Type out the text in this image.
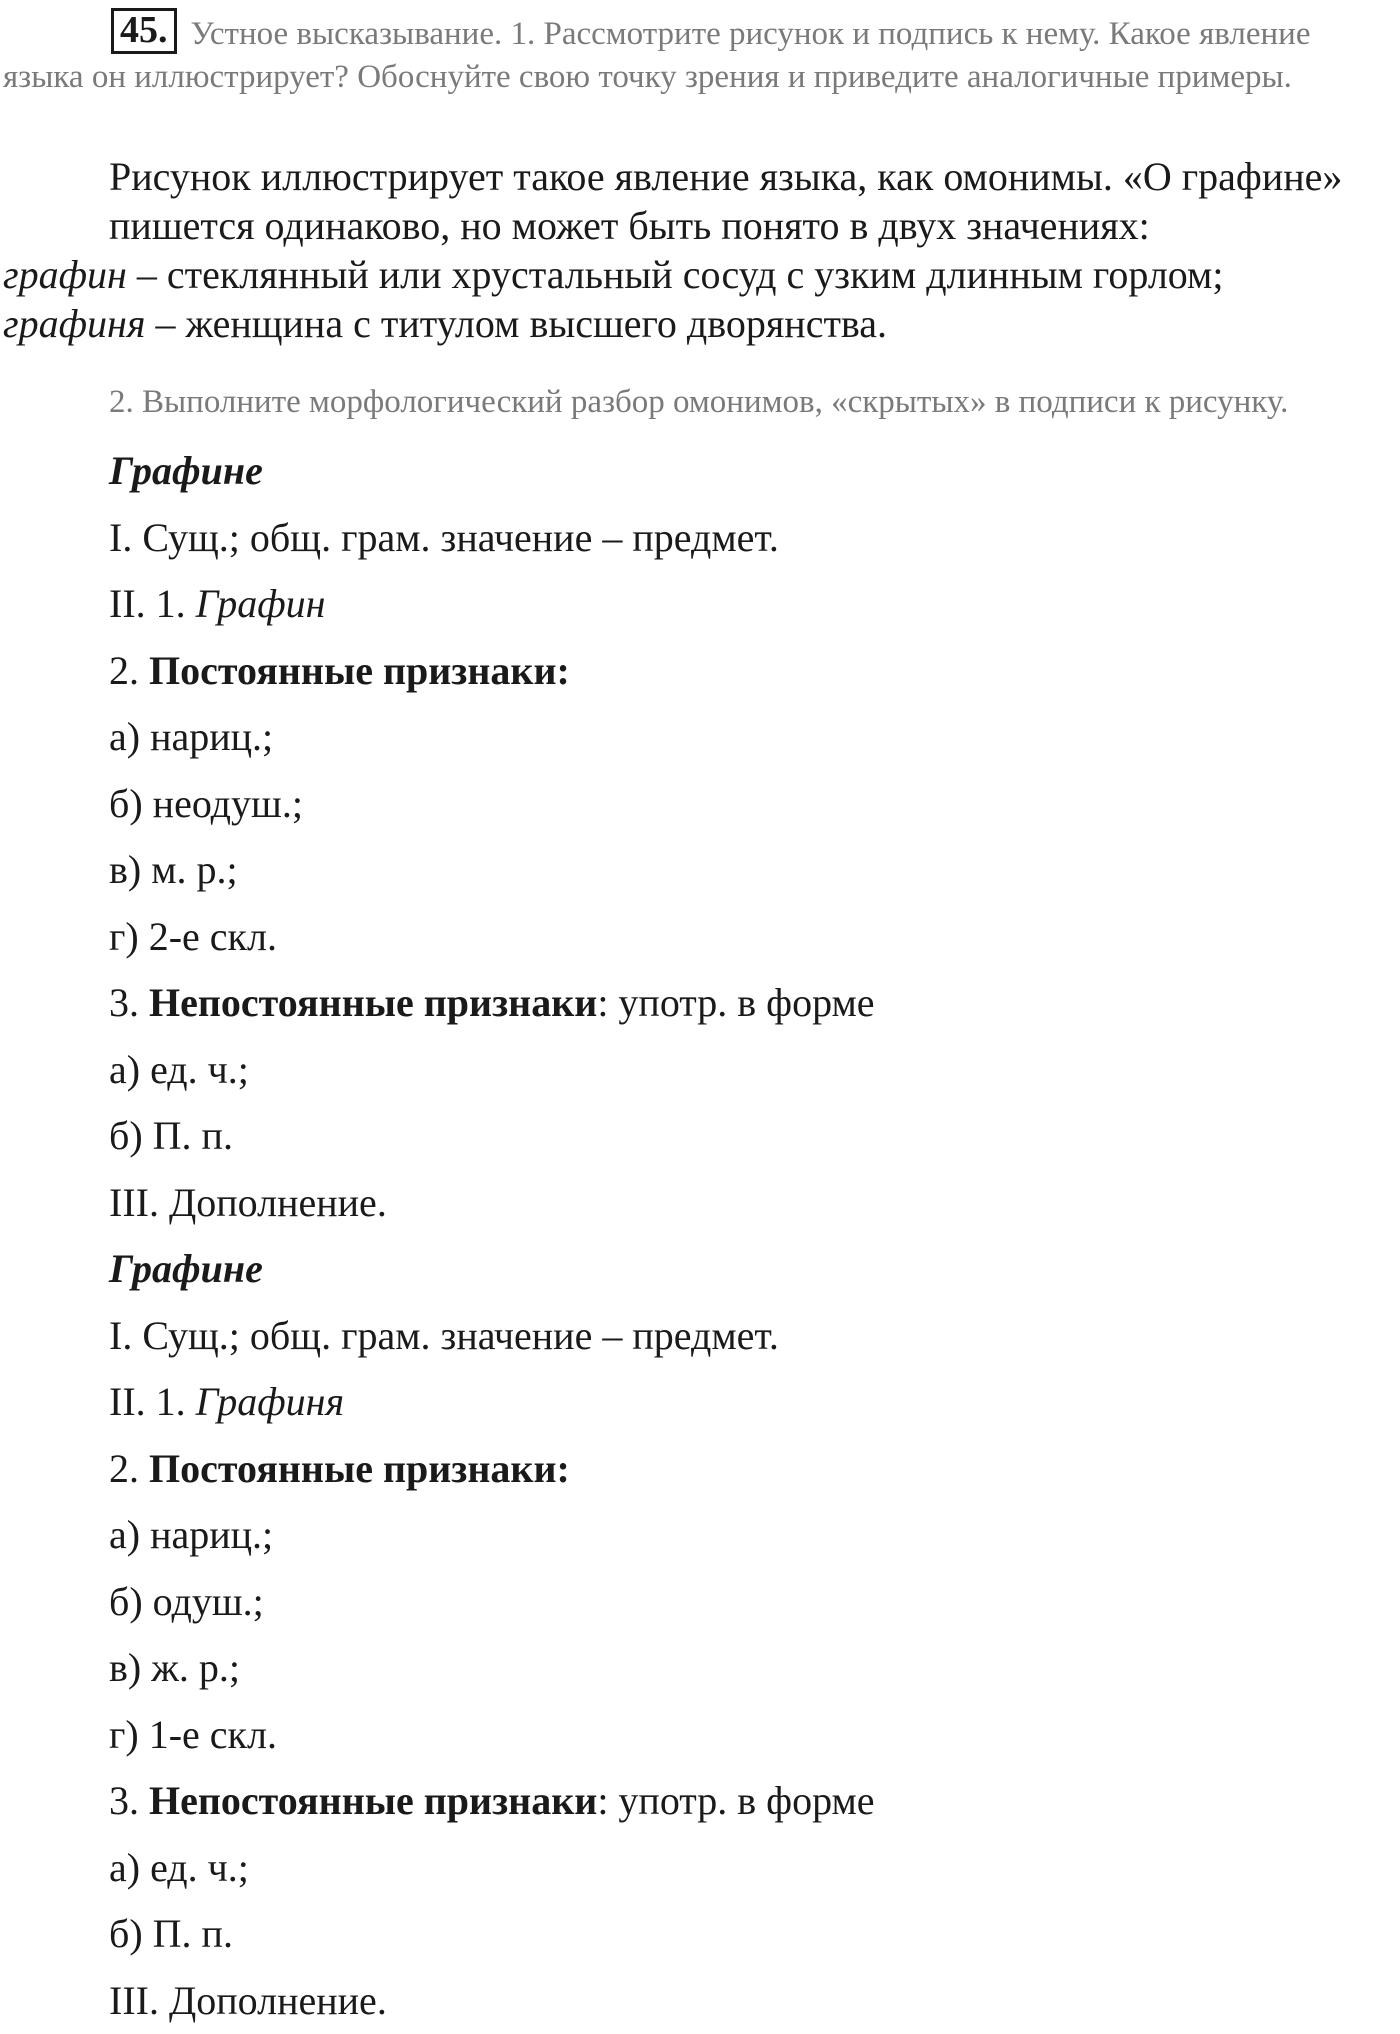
45. Устное высказывание. 1. Рассмотрите рисунок и подпись к нему. Какое явление языка он иллюстрирует? Обоснуйте свою точку зрения и приведите аналогичные примеры.
Рисунок иллюстрирует такое явление языка, как омонимы. «О графине» пишется одинаково, но может быть понято в двух значениях:
графин – стеклянный или хрустальный сосуд с узким длинным горлом;
графиня – женщина с титулом высшего дворянства.
2. Выполните морфологический разбор омонимов, «скрытых» в подписи к рисунку.
Графине
I. Сущ.; общ. грам. значение – предмет.
II. 1. Графин
2. Постоянные признаки:
а) нариц.;
б) неодуш.;
в) м. р.;
г) 2-е скл.
3. Непостоянные признаки: употр. в форме
а) ед. ч.;
б) П. п.
III. Дополнение.
Графине
I. Сущ.; общ. грам. значение – предмет.
II. 1. Графиня
2. Постоянные признаки:
а) нариц.;
б) одуш.;
в) ж. р.;
г) 1-е скл.
3. Непостоянные признаки: употр. в форме
а) ед. ч.;
б) П. п.
III. Дополнение.
